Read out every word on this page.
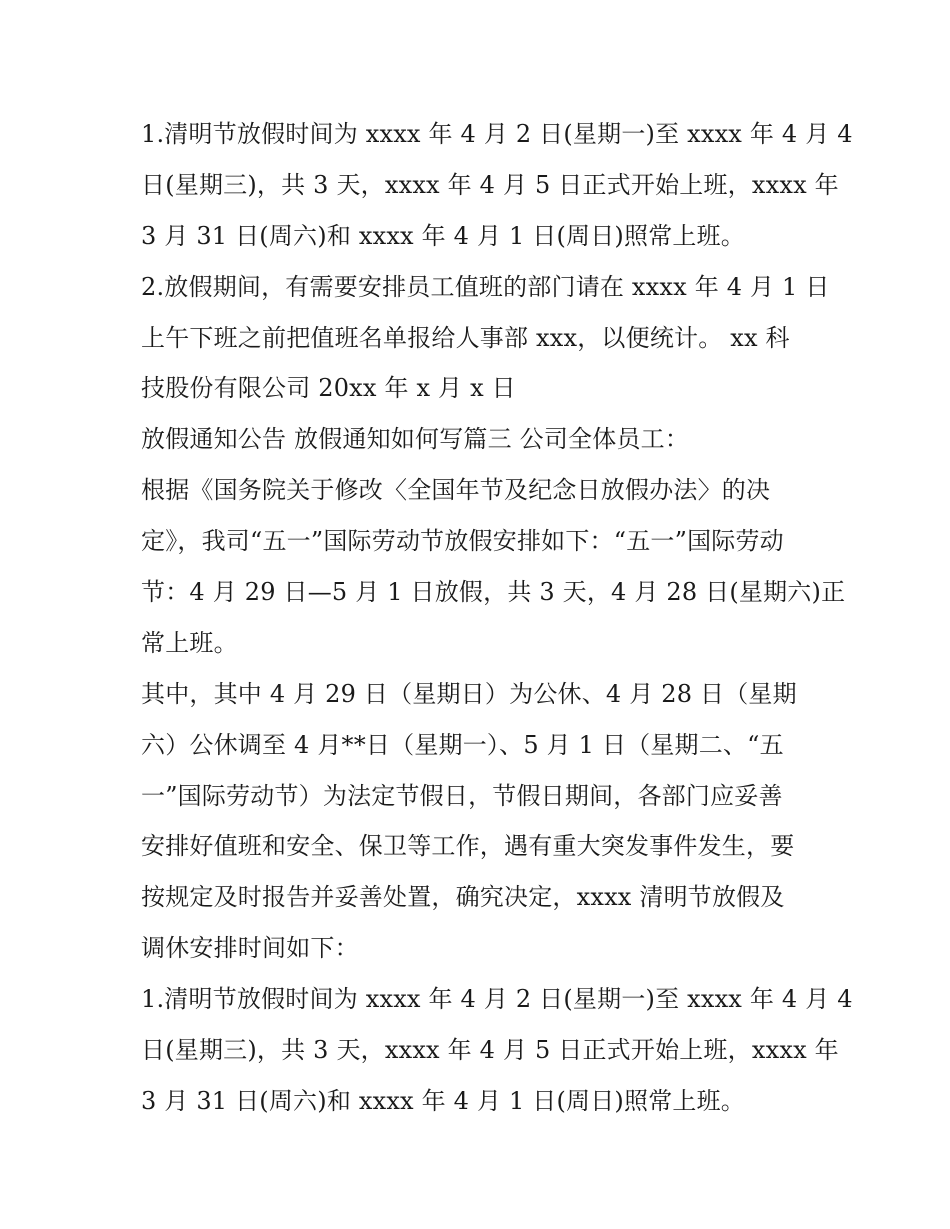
1.清明节放假时间为 xxxx 年 4 月 2 日(星期一)至 xxxx 年 4 月 4
日(星期三)，共 3 天，xxxx 年 4 月 5 日正式开始上班，xxxx 年
3 月 31 日(周六)和 xxxx 年 4 月 1 日(周日)照常上班。
2.放假期间，有需要安排员工值班的部门请在 xxxx 年 4 月 1 日
上午下班之前把值班名单报给人事部 xxx，以便统计。 xx 科
技股份有限公司 20xx 年 x 月 x 日
放假通知公告 放假通知如何写篇三 公司全体员工：
根据《国务院关于修改〈全国年节及纪念日放假办法〉的决
定》，我司“五一”国际劳动节放假安排如下：“五一”国际劳动
节：4 月 29 日—5 月 1 日放假，共 3 天，4 月 28 日(星期六)正
常上班。
其中，其中 4 月 29 日（星期日）为公休、4 月 28 日（星期
六）公休调至 4 月**日（星期一）、5 月 1 日（星期二、“五
一”国际劳动节）为法定节假日，节假日期间，各部门应妥善
安排好值班和安全、保卫等工作，遇有重大突发事件发生，要
按规定及时报告并妥善处置，确究决定，xxxx 清明节放假及
调休安排时间如下：
1.清明节放假时间为 xxxx 年 4 月 2 日(星期一)至 xxxx 年 4 月 4
日(星期三)，共 3 天，xxxx 年 4 月 5 日正式开始上班，xxxx 年
3 月 31 日(周六)和 xxxx 年 4 月 1 日(周日)照常上班。
